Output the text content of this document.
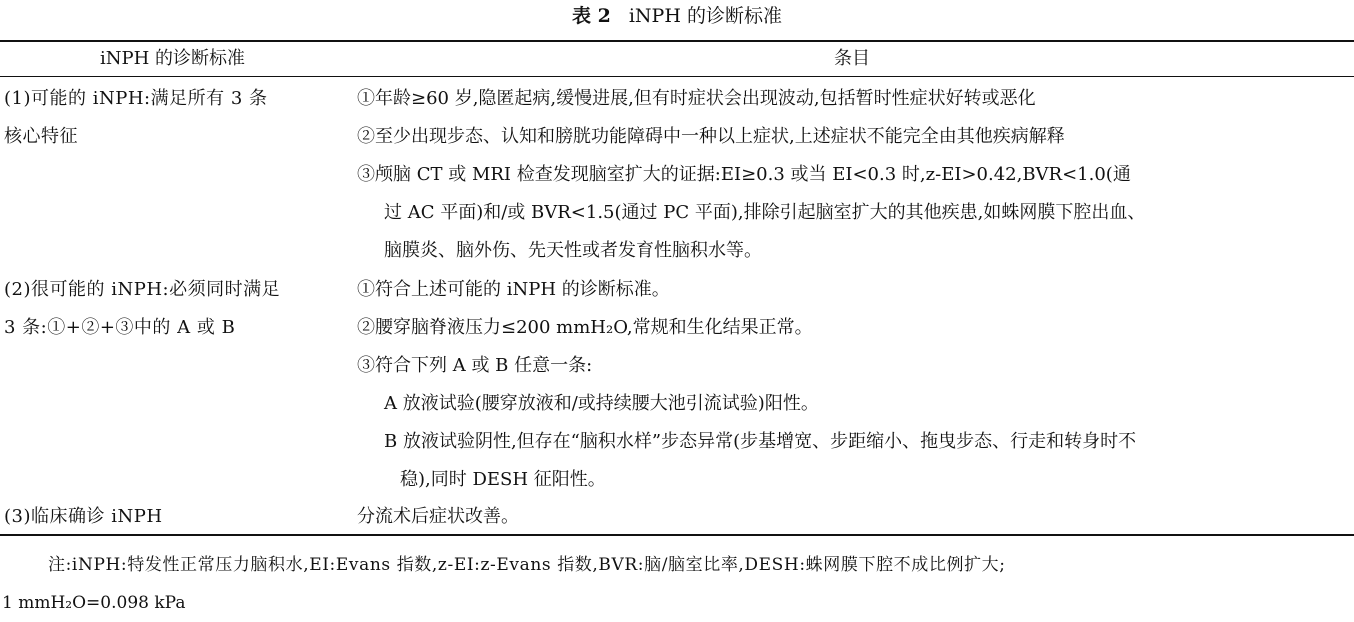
表 2 iNPH 的诊断标准
iNPH 的诊断标准	条目
(1)可能的 iNPH:满足所有 3 条
核心特征
①年龄≥60 岁,隐匿起病,缓慢进展,但有时症状会出现波动,包括暂时性症状好转或恶化
②至少出现步态、认知和膀胱功能障碍中一种以上症状,上述症状不能完全由其他疾病解释
③颅脑 CT 或 MRI 检查发现脑室扩大的证据:EI≥0.3 或当 EI<0.3 时,z-EI>0.42,BVR<1.0(通
过 AC 平面)和/或 BVR<1.5(通过 PC 平面),排除引起脑室扩大的其他疾患,如蛛网膜下腔出血、
脑膜炎、脑外伤、先天性或者发育性脑积水等。
(2)很可能的 iNPH:必须同时满足
3 条:①+②+③中的 A 或 B
①符合上述可能的 iNPH 的诊断标准。
②腰穿脑脊液压力≤200 mmH₂O,常规和生化结果正常。
③符合下列 A 或 B 任意一条:
A 放液试验(腰穿放液和/或持续腰大池引流试验)阳性。
B 放液试验阴性,但存在“脑积水样”步态异常(步基增宽、步距缩小、拖曳步态、行走和转身时不
稳),同时 DESH 征阳性。
(3)临床确诊 iNPH	分流术后症状改善。
注:iNPH:特发性正常压力脑积水,EI:Evans 指数,z-EI:z-Evans 指数,BVR:脑/脑室比率,DESH:蛛网膜下腔不成比例扩大;
1 mmH₂O=0.098 kPa
